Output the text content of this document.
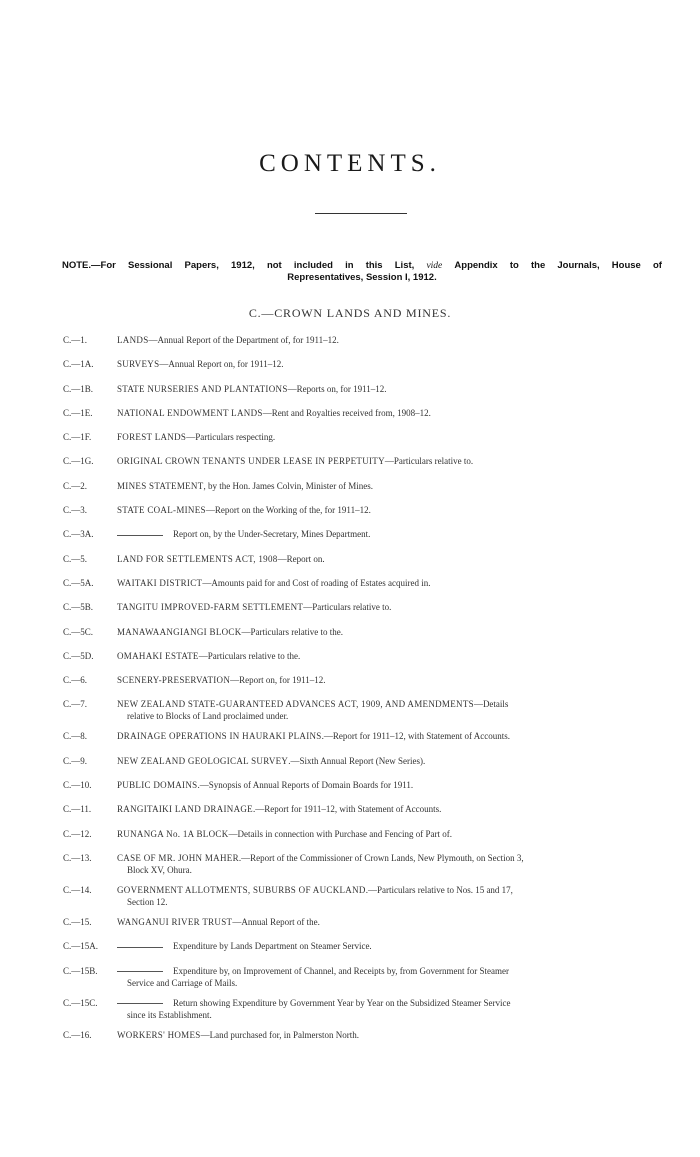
CONTENTS.
NOTE.—For Sessional Papers, 1912, not included in this List, vide Appendix to the Journals, House of
Representatives, Session I, 1912.
C.—CROWN LANDS AND MINES.
C.—1.	LANDS—Annual Report of the Department of, for 1911–12.
C.—1A.	SURVEYS—Annual Report on, for 1911–12.
C.—1B.	STATE NURSERIES AND PLANTATIONS—Reports on, for 1911–12.
C.—1E.	NATIONAL ENDOWMENT LANDS—Rent and Royalties received from, 1908–12.
C.—1F.	FOREST LANDS—Particulars respecting.
C.—1G.	ORIGINAL CROWN TENANTS UNDER LEASE IN PERPETUITY—Particulars relative to.
C.—2.	MINES STATEMENT, by the Hon. James Colvin, Minister of Mines.
C.—3.	STATE COAL-MINES—Report on the Working of the, for 1911–12.
C.—3A.	Report on, by the Under-Secretary, Mines Department.
C.—5.	LAND FOR SETTLEMENTS ACT, 1908—Report on.
C.—5A.	WAITAKI DISTRICT—Amounts paid for and Cost of roading of Estates acquired in.
C.—5B.	TANGITU IMPROVED-FARM SETTLEMENT—Particulars relative to.
C.—5C.	MANAWAANGIANGI BLOCK—Particulars relative to the.
C.—5D.	OMAHAKI ESTATE—Particulars relative to the.
C.—6.	SCENERY-PRESERVATION—Report on, for 1911–12.
C.—7.	NEW ZEALAND STATE-GUARANTEED ADVANCES ACT, 1909, AND AMENDMENTS—Details
relative to Blocks of Land proclaimed under.
C.—8.	DRAINAGE OPERATIONS IN HAURAKI PLAINS.—Report for 1911–12, with Statement of Accounts.
C.—9.	NEW ZEALAND GEOLOGICAL SURVEY.—Sixth Annual Report (New Series).
C.—10.	PUBLIC DOMAINS.—Synopsis of Annual Reports of Domain Boards for 1911.
C.—11.	RANGITAIKI LAND DRAINAGE.—Report for 1911–12, with Statement of Accounts.
C.—12.	RUNANGA No. 1A BLOCK—Details in connection with Purchase and Fencing of Part of.
C.—13.	CASE OF MR. JOHN MAHER.—Report of the Commissioner of Crown Lands, New Plymouth, on Section 3,
Block XV, Ohura.
C.—14.	GOVERNMENT ALLOTMENTS, SUBURBS OF AUCKLAND.—Particulars relative to Nos. 15 and 17,
Section 12.
C.—15.	WANGANUI RIVER TRUST—Annual Report of the.
C.—15A.	Expenditure by Lands Department on Steamer Service.
C.—15B.	Expenditure by, on Improvement of Channel, and Receipts by, from Government for Steamer
Service and Carriage of Mails.
C.—15C.	Return showing Expenditure by Government Year by Year on the Subsidized Steamer Service
since its Establishment.
C.—16.	WORKERS' HOMES—Land purchased for, in Palmerston North.
